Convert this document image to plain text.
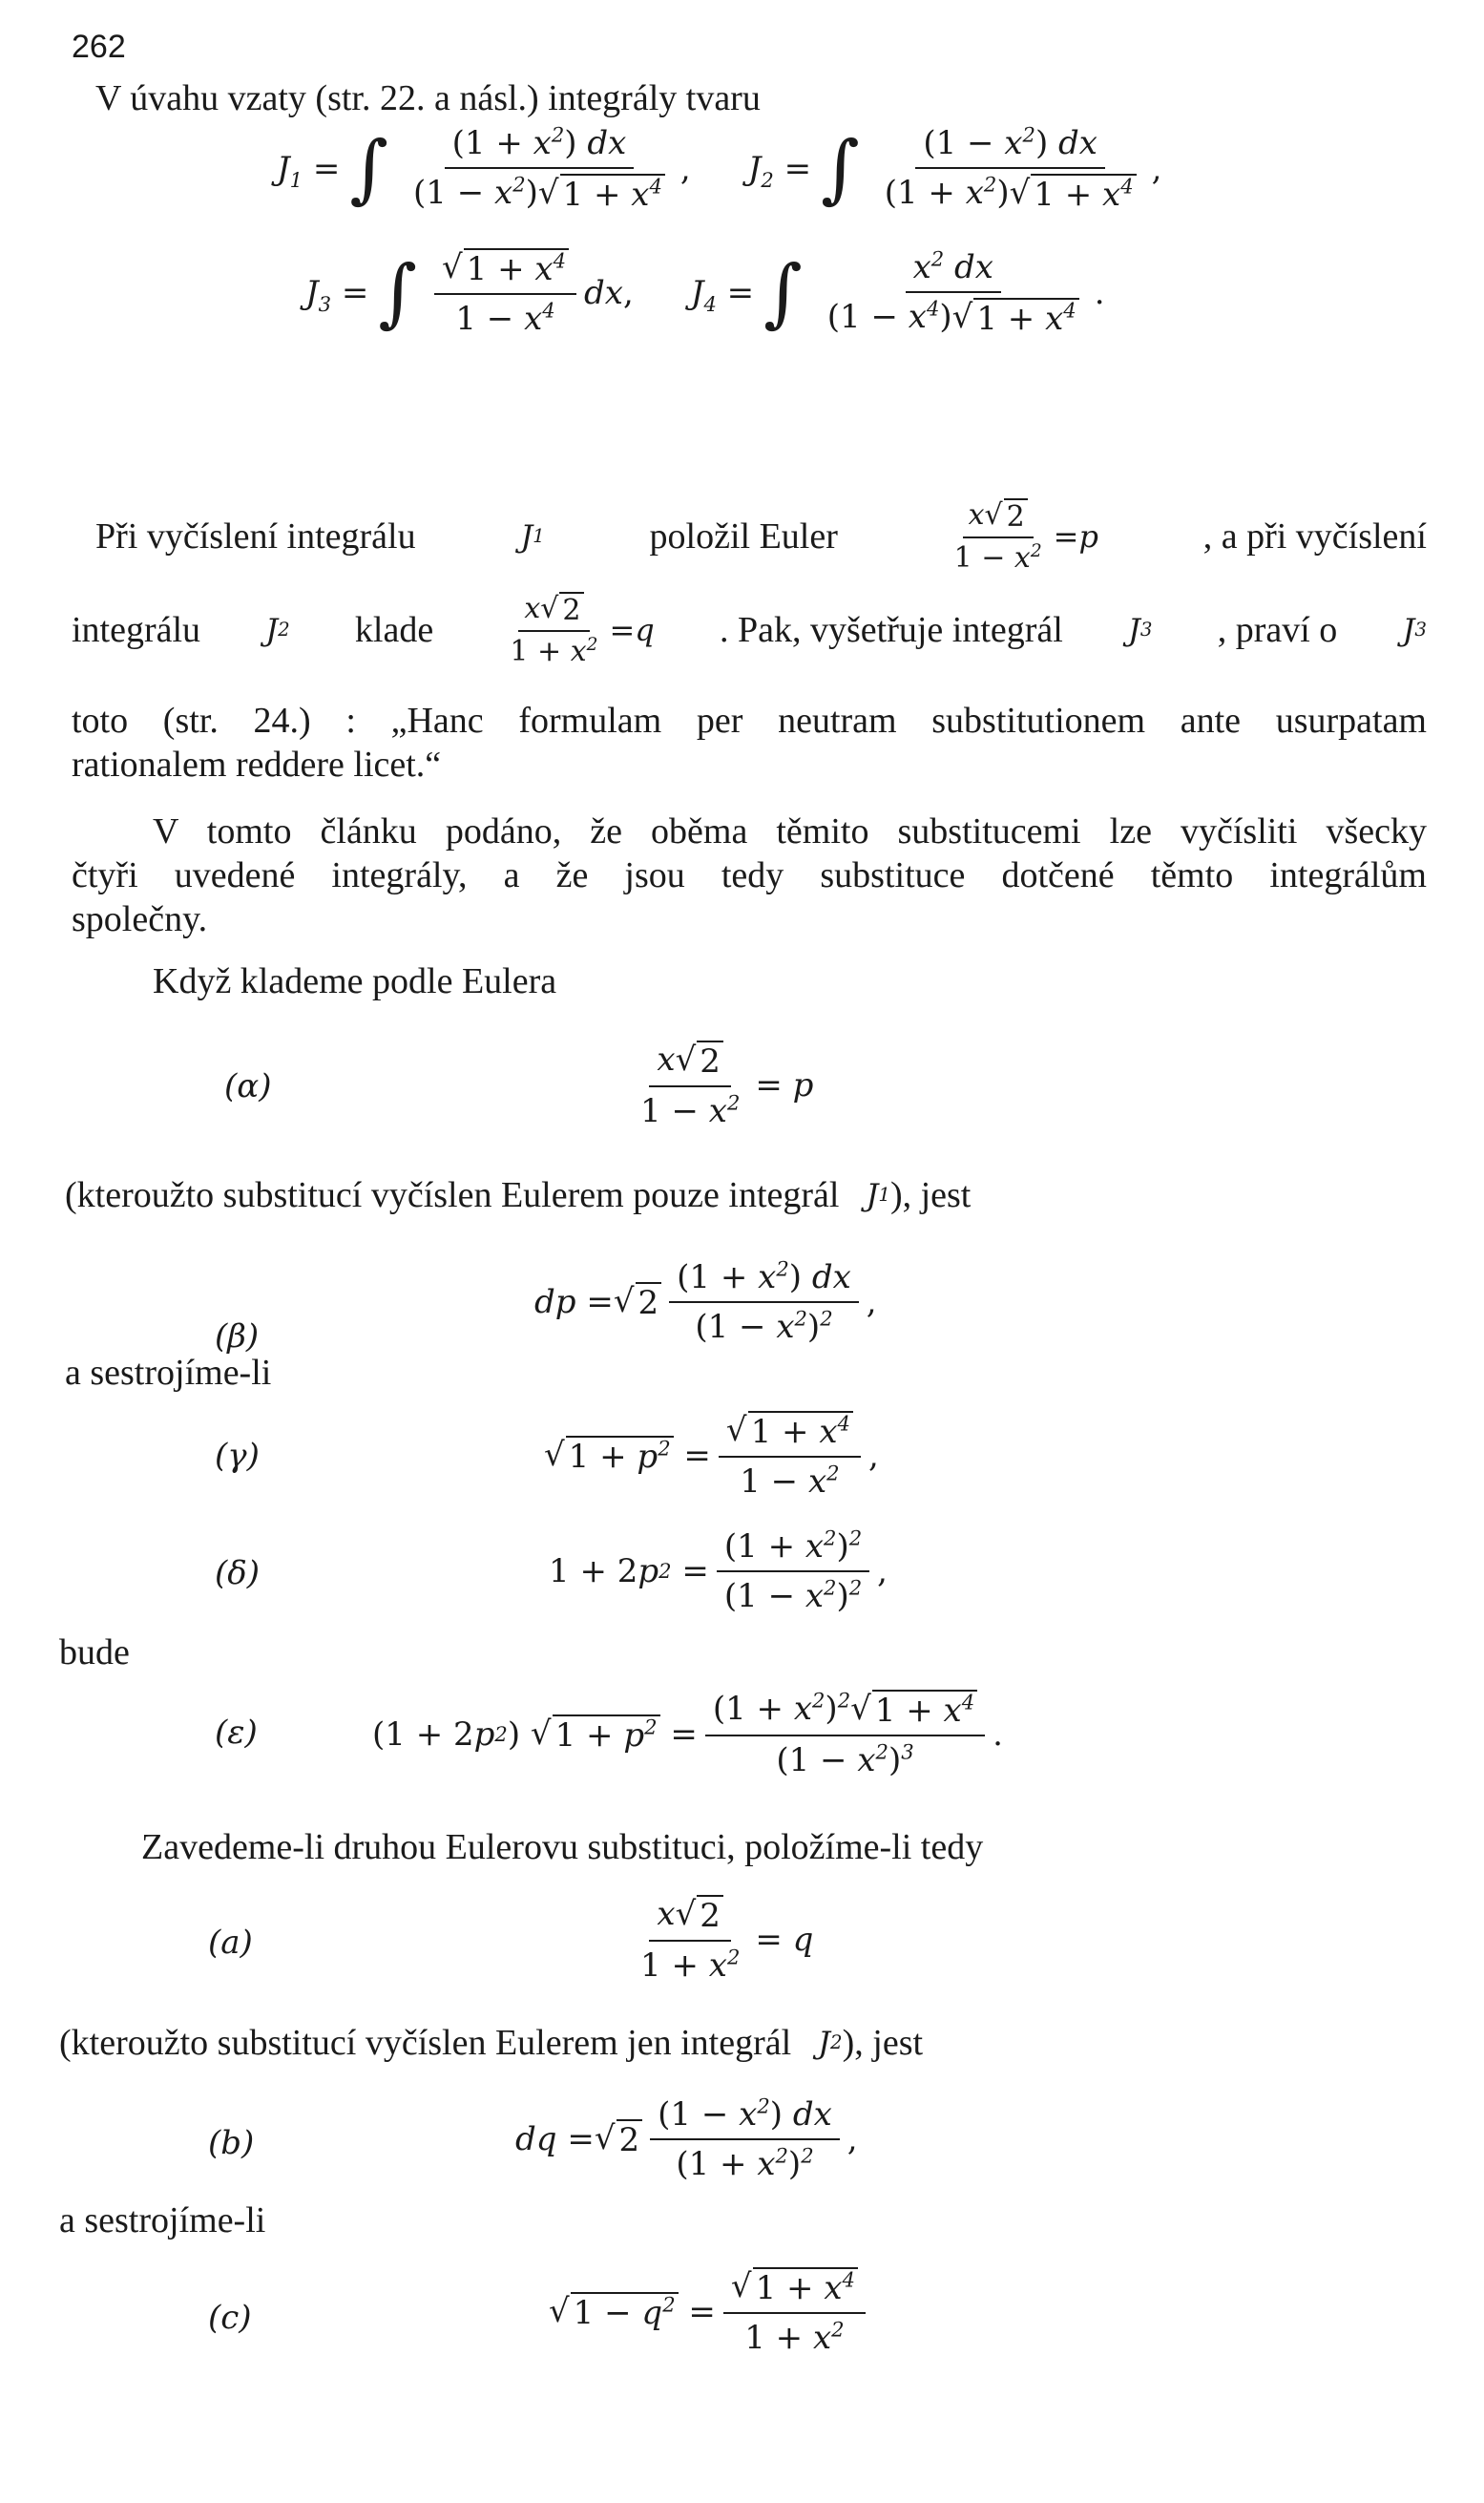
262
V úvahu vzaty (str. 22. a násl.) integrály tvaru
$J_1$ = ∫ $\frac{(1 + x^2) dx}{(1 - x^2) √ 1 + x^4}$ , $J_2$ = ∫ $\frac{(1 - x^2) dx}{(1 + x^2) √ 1 + x^4}$ ,
$J_3$ = ∫ $\frac{√ 1 + x^4}{1 - x^4}$ dx , $J_4$ = ∫ $\frac{x^2 dx}{(1 - x^4) √ 1 + x^4}$ .
Při vyčíslení integrálu	J 1	položil Euler	$\frac{x √ 2}{1 - x^2} = p$	, a při vyčíslení
integrálu J 2 klade $\frac{x √ 2}{1 + x^2} = q$ . Pak, vyšetřuje integrál J 3 , praví o J 3
toto (str. 24.) : „Hanc formulam per neutram substitutionem ante usurpatam
rationalem reddere licet.“
V tomto článku podáno, že oběma těmito substitucemi lze vyčísliti všecky
čtyři uvedené integrály, a že jsou tedy substituce dotčené těmto integrálům
společny.
Když klademe podle Eulera
(α)	$\frac{x √ 2}{1 - x^2} = p$
(kteroužto substitucí vyčíslen Eulerem pouze integrál J 1 ), jest
(β)
dp = √ $2 \frac{(1 + x^2) dx}{(1 - x^2)^2}$ ,
a sestrojíme-li
(γ)	√ $1 + p^2 = \frac{√ 1 + x^4}{1 - x^2}$ ,
(δ)	1 + 2 p $2 = \frac{(1 + x^2)^2}{(1 - x^2)^2}$ ,
bude
(ε)	(1 + 2 p 2 ) √ $1 + p^2 = \frac{(1 + x^2)^2 √ 1 + x^4}{(1 - x^2)^3}$ .
Zavedeme-li druhou Eulerovu substituci, položíme-li tedy
(a)	$\frac{x √ 2}{1 + x^2} = q$
(kteroužto substitucí vyčíslen Eulerem jen integrál J 2 ), jest
(b)	dq = √ $2 \frac{(1 - x^2) dx}{(1 + x^2)^2}$ ,
a sestrojíme-li
(c)	√ $1 - q^2 = \frac{√ 1 + x^4}{1 + x^2}$
